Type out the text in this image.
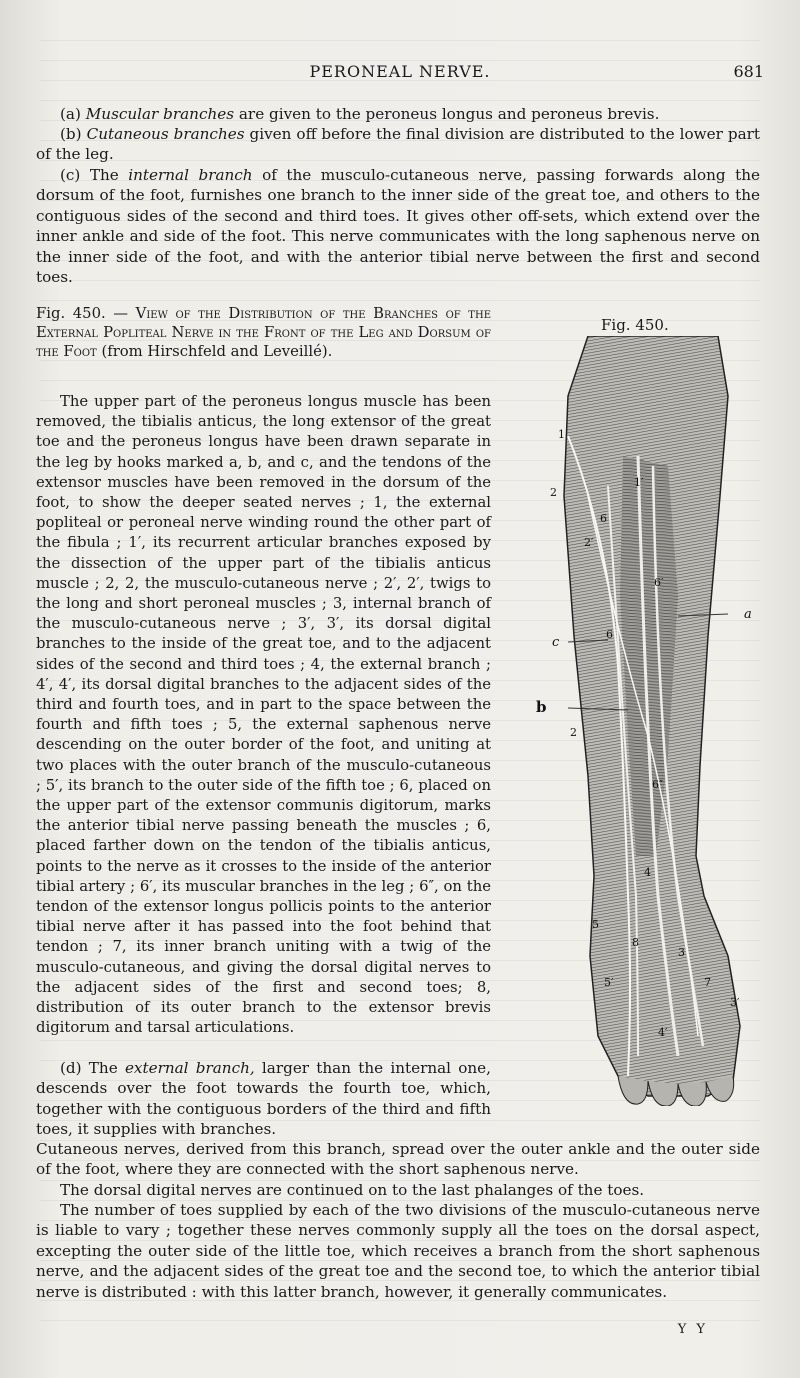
PERONEAL NERVE.	681

(a) Muscular branches are given to the peroneus longus and peroneus brevis.

(b) Cutaneous branches given off before the final division are distributed to the lower part of the leg.

(c) The internal branch of the musculo-cutaneous nerve, passing forwards along the dorsum of the foot, furnishes one branch to the inner side of the great toe, and others to the contiguous sides of the second and third toes. It gives other off-sets, which extend over the inner ankle and side of the foot. This nerve communicates with the long saphenous nerve on the inner side of the foot, and with the anterior tibial nerve between the first and second toes.

Fig. 450. — View of the Distribution of the Branches of the External Popliteal Nerve in the Front of the Leg and Dorsum of the Foot (from Hirschfeld and Leveillé).

The upper part of the peroneus longus muscle has been removed, the tibialis anticus, the long extensor of the great toe and the peroneus longus have been drawn separate in the leg by hooks marked a, b, and c, and the tendons of the extensor muscles have been removed in the dorsum of the foot, to show the deeper seated nerves ; 1, the external popliteal or peroneal nerve winding round the other part of the fibula ; 1′, its recurrent articular branches exposed by the dissection of the upper part of the tibialis anticus muscle ; 2, 2, the musculo-cutaneous nerve ; 2′, 2′, twigs to the long and short peroneal muscles ; 3, internal branch of the musculo-cutaneous nerve ; 3′, 3′, its dorsal digital branches to the inside of the great toe, and to the adjacent sides of the second and third toes ; 4, the external branch ; 4′, 4′, its dorsal digital branches to the adjacent sides of the third and fourth toes, and in part to the space between the fourth and fifth toes ; 5, the external saphenous nerve descending on the outer border of the foot, and uniting at two places with the outer branch of the musculo-cutaneous ; 5′, its branch to the outer side of the fifth toe ; 6, placed on the upper part of the extensor communis digitorum, marks the anterior tibial nerve passing beneath the muscles ; 6, placed farther down on the tendon of the tibialis anticus, points to the nerve as it crosses to the inside of the anterior tibial artery ; 6′, its muscular branches in the leg ; 6″, on the tendon of the extensor longus pollicis points to the anterior tibial nerve after it has passed into the foot behind that tendon ; 7, its inner branch uniting with a twig of the musculo-cutaneous, and giving the dorsal digital nerves to the adjacent sides of the first and second toes; 8, distribution of its outer branch to the extensor brevis digitorum and tarsal articulations.

Fig. 450.
1
2
2′
6
1′
6′
6
2
6″
4
5
5′
3
7
8
4′
3′
a
c
b

(d) The external branch, larger than the internal one, descends over the foot towards the fourth toe, which, together with the contiguous borders of the third and fifth toes, it supplies with branches.

Cutaneous nerves, derived from this branch, spread over the outer ankle and the outer side of the foot, where they are connected with the short saphenous nerve.

The dorsal digital nerves are continued on to the last phalanges of the toes.

The number of toes supplied by each of the two divisions of the musculo-cutaneous nerve is liable to vary ; together these nerves commonly supply all the toes on the dorsal aspect, excepting the outer side of the little toe, which receives a branch from the short saphenous nerve, and the adjacent sides of the great toe and the second toe, to which the anterior tibial nerve is distributed : with this latter branch, however, it generally communicates.

Y Y
